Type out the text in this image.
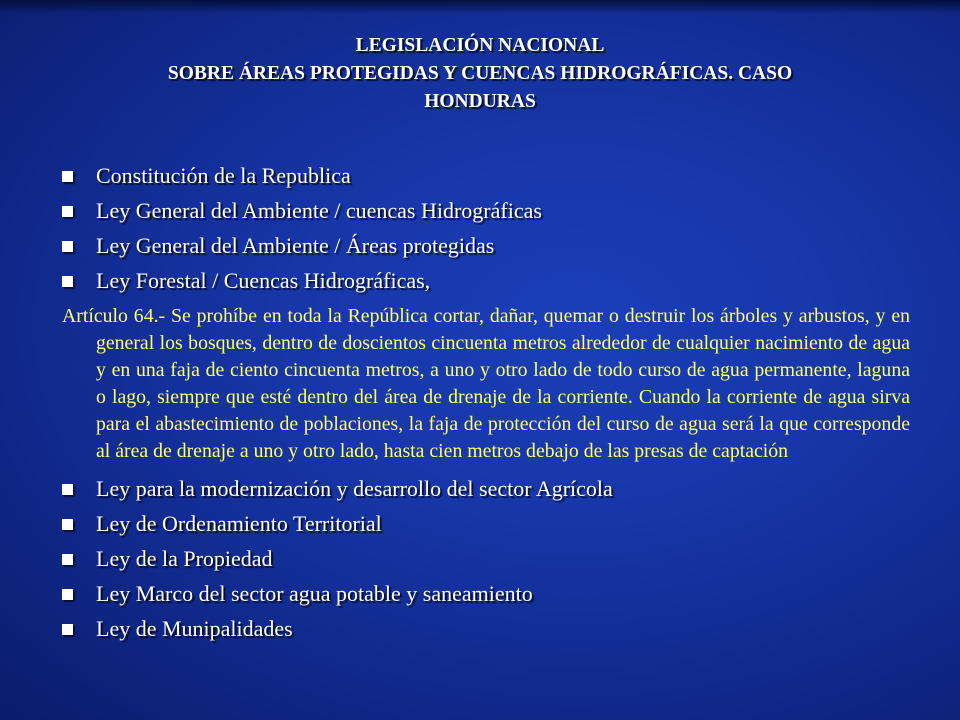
LEGISLACIÓN NACIONAL
SOBRE ÁREAS PROTEGIDAS Y CUENCAS HIDROGRÁFICAS. CASO
HONDURAS
Constitución de la Republica
Ley General del Ambiente / cuencas Hidrográficas
Ley General del Ambiente / Áreas protegidas
Ley Forestal / Cuencas Hidrográficas,
Artículo 64.- Se prohíbe en toda la República cortar, dañar, quemar o destruir los árboles y arbustos, y en general los bosques, dentro de doscientos cincuenta metros alrededor de cualquier nacimiento de agua y en una faja de ciento cincuenta metros, a uno y otro lado de todo curso de agua permanente, laguna o lago, siempre que esté dentro del área de drenaje de la corriente. Cuando la corriente de agua sirva para el abastecimiento de poblaciones, la faja de protección del curso de agua será la que corresponde al área de drenaje a uno y otro lado, hasta cien metros debajo de las presas de captación
Ley para la modernización y desarrollo del sector Agrícola
Ley de Ordenamiento Territorial
Ley de la Propiedad
Ley Marco del sector agua potable y saneamiento
Ley de Munipalidades
